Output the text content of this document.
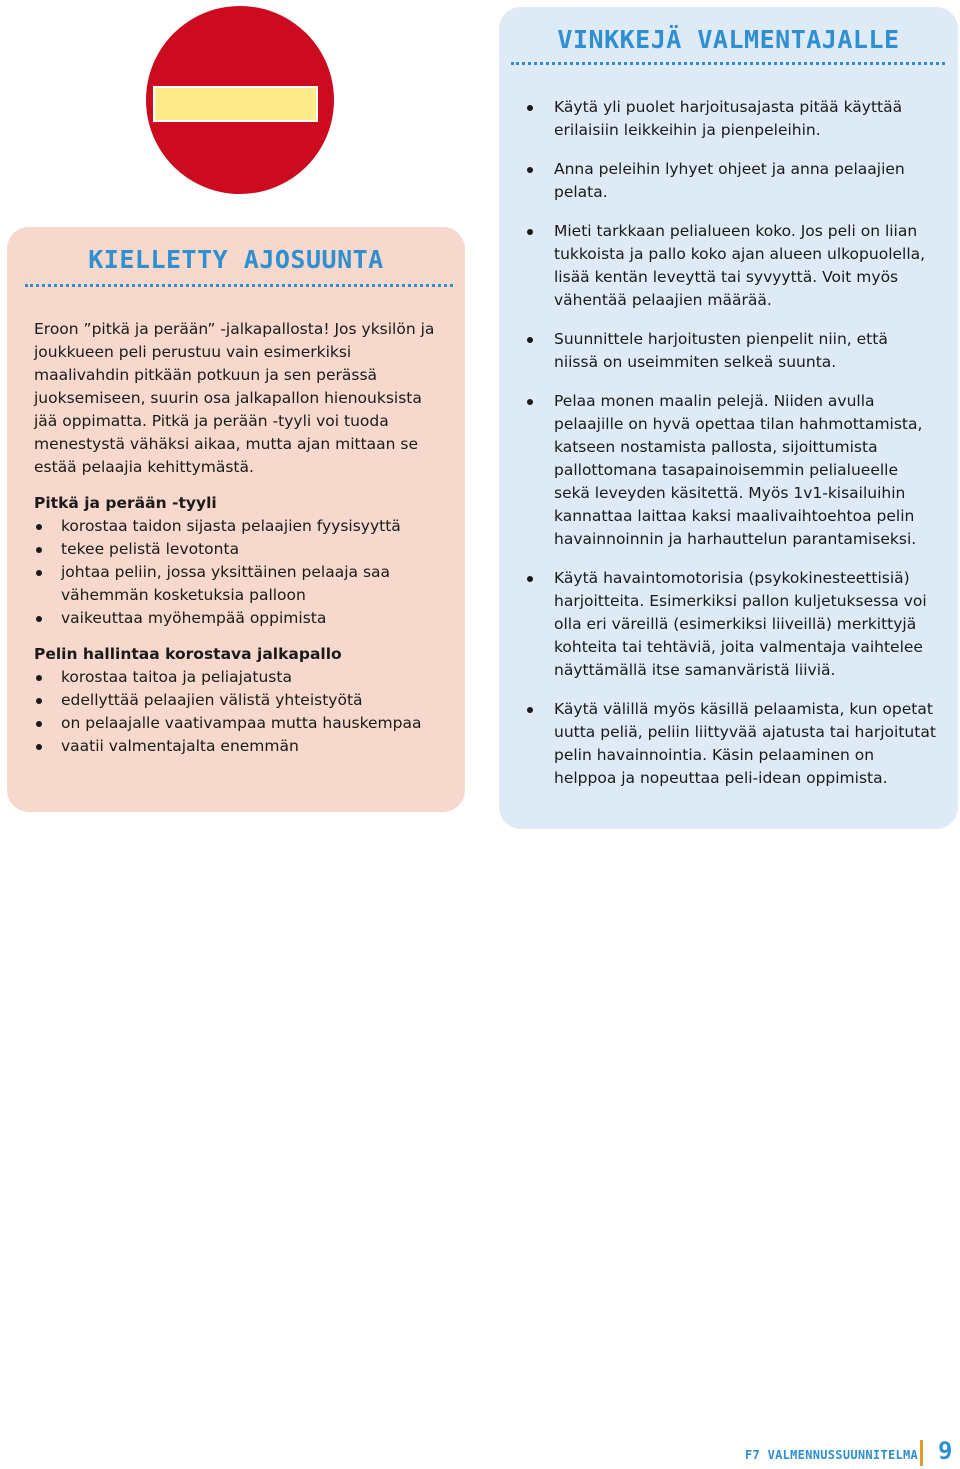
KIELLETTY AJOSUUNTA

Eroon ”pitkä ja perään” -jalkapallosta! Jos yksilön ja joukkueen peli perustuu vain esimerkiksi maalivahdin pitkään potkuun ja sen perässä juoksemiseen, suurin osa jalkapallon hienouksista jää oppimatta. Pitkä ja perään -tyyli voi tuoda menestystä vähäksi aikaa, mutta ajan mittaan se estää pelaajia kehittymästä.

Pitkä ja perään -tyyli
korostaa taidon sijasta pelaajien fyysisyyttä
tekee pelistä levotonta
johtaa peliin, jossa yksittäinen pelaaja saa vähemmän kosketuksia palloon
vaikeuttaa myöhempää oppimista
Pelin hallintaa korostava jalkapallo
korostaa taitoa ja peliajatusta
edellyttää pelaajien välistä yhteistyötä
on pelaajalle vaativampaa mutta hauskempaa
vaatii valmentajalta enemmän
VINKKEJÄ VALMENTAJALLE
Käytä yli puolet harjoitusajasta pitää käyttää erilaisiin leikkeihin ja pienpeleihin.
Anna peleihin lyhyet ohjeet ja anna pelaajien pelata.
Mieti tarkkaan pelialueen koko. Jos peli on liian tukkoista ja pallo koko ajan alueen ulkopuolella, lisää kentän leveyttä tai syvyyttä. Voit myös vähentää pelaajien määrää.
Suunnittele harjoitusten pienpelit niin, että niissä on useimmiten selkeä suunta.
Pelaa monen maalin pelejä. Niiden avulla pelaajille on hyvä opettaa tilan hahmottamista, katseen nostamista pallosta, sijoittumista pallottomana tasapainoisemmin pelialueelle sekä leveyden käsitettä. Myös 1v1-kisailuihin kannattaa laittaa kaksi maalivaihtoehtoa pelin havainnoinnin ja harhauttelun parantamiseksi.
Käytä havaintomotorisia (psykokinesteettisiä) harjoitteita. Esimerkiksi pallon kuljetuksessa voi olla eri väreillä (esimerkiksi liiveillä) merkittyjä kohteita tai tehtäviä, joita valmentaja vaihtelee näyttämällä itse samanväristä liiviä.
Käytä välillä myös käsillä pelaamista, kun opetat uutta peliä, peliin liittyvää ajatusta tai harjoitutat pelin havainnointia. Käsin pelaaminen on helppoa ja nopeuttaa peli-idean oppimista.
F7 VALMENNUSSUUNNITELMA 9
